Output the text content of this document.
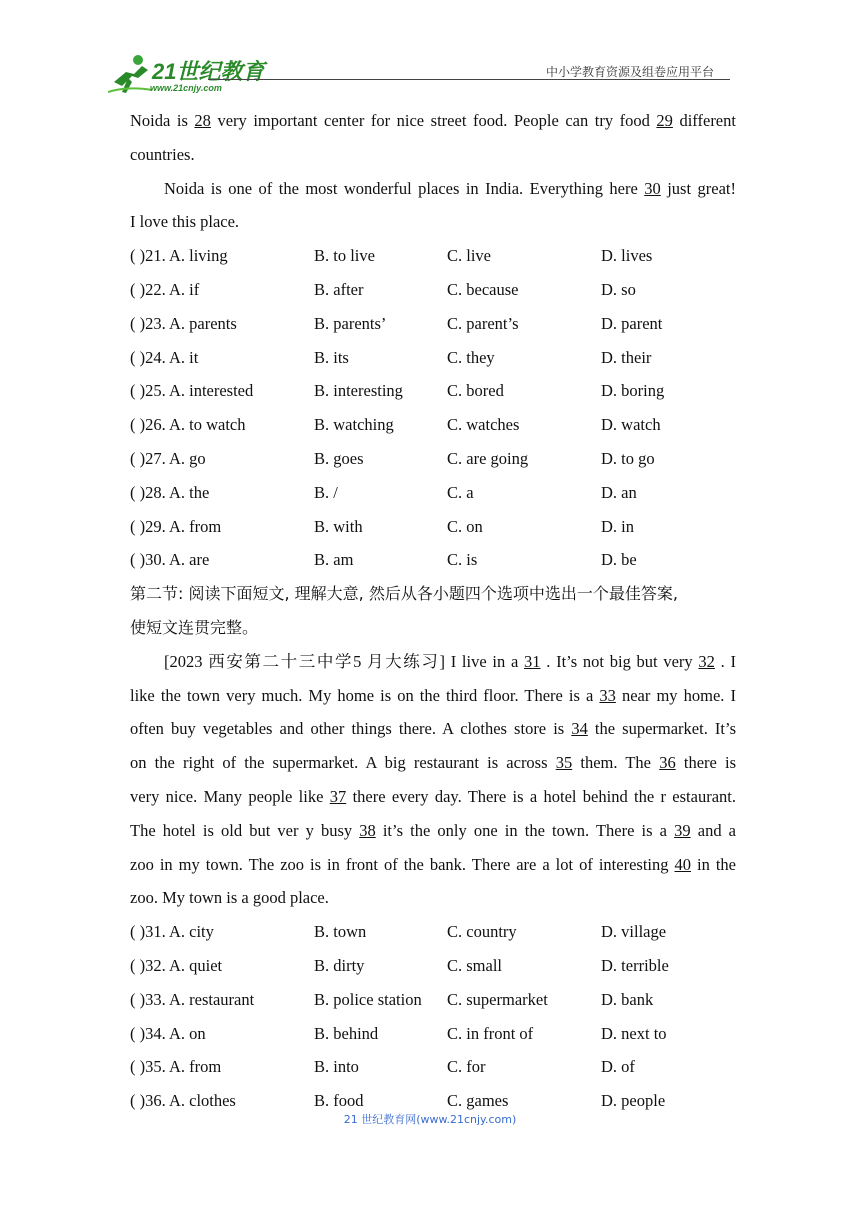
21世纪教育
www.21cnjy.com
中小学教育资源及组卷应用平台
Noida is 28 very important center for nice street food. People can try food 29 different
countries.
Noida is one of the most wonderful places in India. Everything here 30 just great!
I love this place.
( )21. A. living	B. to live	C. live	D. lives
( )22. A. if	B. after	C. because	D. so
( )23. A. parents	B. parents’	C. parent’s	D. parent
( )24. A. it	B. its	C. they	D. their
( )25. A. interested	B. interesting	C. bored	D. boring
( )26. A. to watch	B. watching	C. watches	D. watch
( )27. A. go	B. goes	C. are going	D. to go
( )28. A. the	B. /	C. a	D. an
( )29. A. from	B. with	C. on	D. in
( )30. A. are	B. am	C. is	D. be
第二节: 阅读下面短文, 理解大意, 然后从各小题四个选项中选出一个最佳答案,
使短文连贯完整。
[2023 西安第二十三中学5 月大练习] I live in a 31 . It’s not big but very 32 . I
like the town very much. My home is on the third floor. There is a 33 near my home. I
often buy vegetables and other things there. A clothes store is 34 the supermarket. It’s
on the right of the supermarket. A big restaurant is across 35 them. The 36 there is
very nice. Many people like 37 there every day. There is a hotel behind the r estaurant.
The hotel is old but ver y busy 38 it’s the only one in the town. There is a 39 and a
zoo in my town. The zoo is in front of the bank. There are a lot of interesting 40 in the
zoo. My town is a good place.
( )31. A. city	B. town	C. country	D. village
( )32. A. quiet	B. dirty	C. small	D. terrible
( )33. A. restaurant	B. police station	C. supermarket	D. bank
( )34. A. on	B. behind	C. in front of	D. next to
( )35. A. from	B. into	C. for	D. of
( )36. A. clothes	B. food	C. games	D. people
21 世纪教育网(www.21cnjy.com)
